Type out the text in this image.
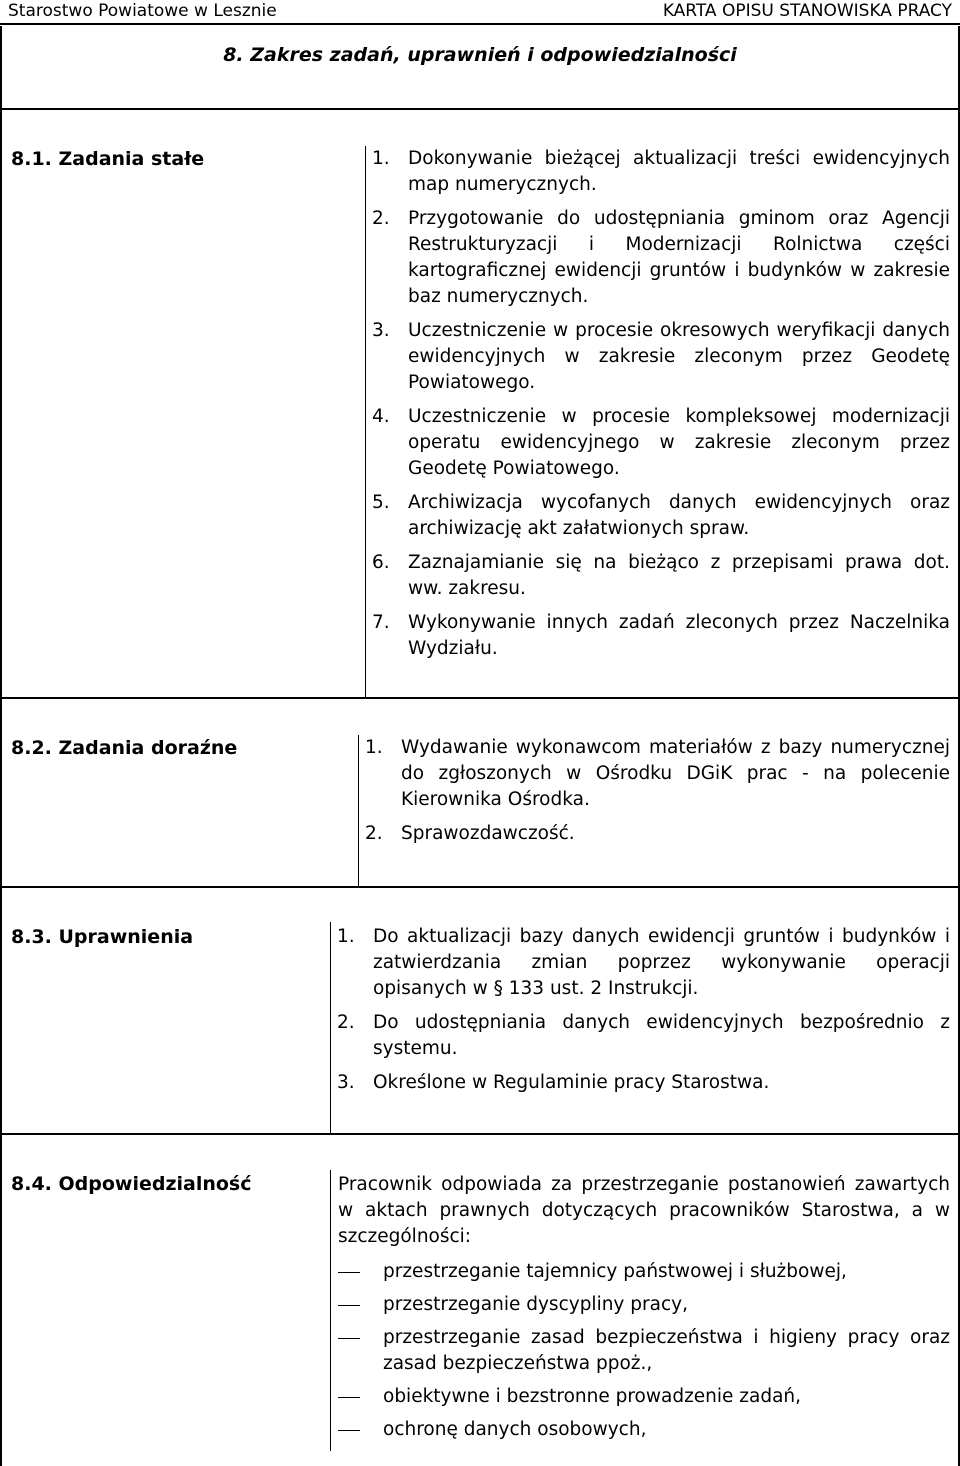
Starostwo Powiatowe w Lesznie	KARTA OPISU STANOWISKA PRACY
8. Zakres zadań, uprawnień i odpowiedzialności
8.1. Zadania stałe	1. Dokonywanie bieżącej aktualizacji treści ewidencyjnych map numerycznych.
2. Przygotowanie do udostępniania gminom oraz Agencji Restrukturyzacji i Modernizacji Rolnictwa części kartograficznej ewidencji gruntów i budynków w zakresie baz numerycznych.
3. Uczestniczenie w procesie okresowych weryfikacji danych ewidencyjnych w zakresie zleconym przez Geodetę Powiatowego.
4. Uczestniczenie w procesie kompleksowej modernizacji operatu ewidencyjnego w zakresie zleconym przez Geodetę Powiatowego.
5. Archiwizacja wycofanych danych ewidencyjnych oraz archiwizację akt załatwionych spraw.
6. Zaznajamianie się na bieżąco z przepisami prawa dot. ww. zakresu.
7. Wykonywanie innych zadań zleconych przez Naczelnika Wydziału.
8.2. Zadania doraźne	1. Wydawanie wykonawcom materiałów z bazy numerycznej do zgłoszonych w Ośrodku DGiK prac - na polecenie Kierownika Ośrodka.
2. Sprawozdawczość.
8.3. Uprawnienia	1. Do aktualizacji bazy danych ewidencji gruntów i budynków i zatwierdzania zmian poprzez wykonywanie operacji opisanych w § 133 ust. 2 Instrukcji.
2. Do udostępniania danych ewidencyjnych bezpośrednio z systemu.
3. Określone w Regulaminie pracy Starostwa.
8.4. Odpowiedzialność	Pracownik odpowiada za przestrzeganie postanowień zawartych w aktach prawnych dotyczących pracowników Starostwa, a w szczególności:

przestrzeganie tajemnicy państwowej i służbowej,
przestrzeganie dyscypliny pracy,
przestrzeganie zasad bezpieczeństwa i higieny pracy oraz zasad bezpieczeństwa ppoż.,
obiektywne i bezstronne prowadzenie zadań,
ochronę danych osobowych,
